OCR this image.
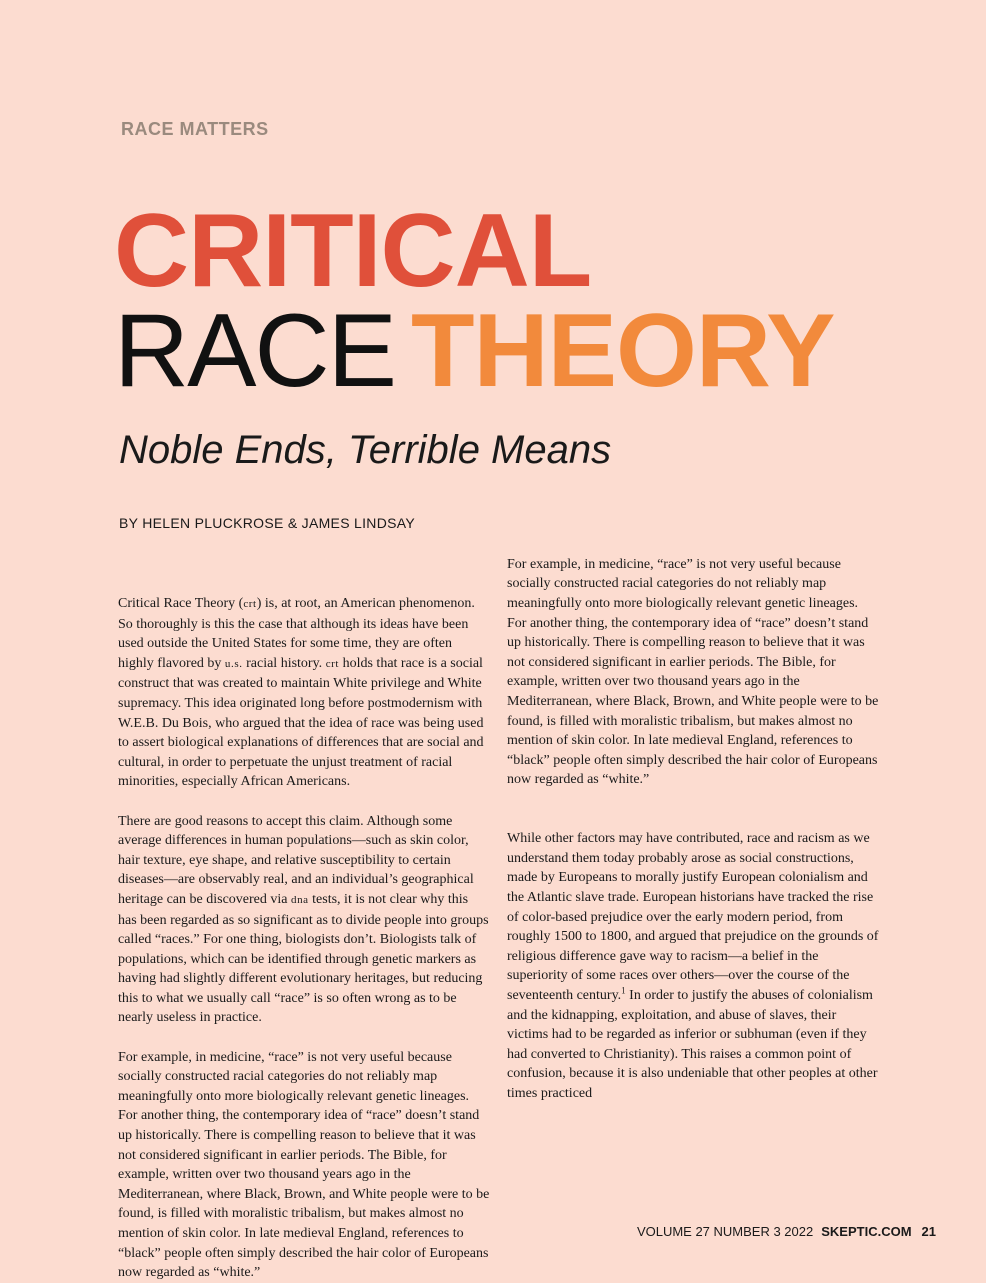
RACE MATTERS
CRITICAL
RACE THEORY
Noble Ends, Terrible Means
BY HELEN PLUCKROSE & JAMES LINDSAY

Critical Race Theory (crt) is, at root, an American phenomenon. So thoroughly is this the case that although its ideas have been used outside the United States for some time, they are often highly flavored by u.s. racial history. crt holds that race is a social construct that was created to maintain White privilege and White supremacy. This idea originated long before postmodernism with W.E.B. Du Bois, who argued that the idea of race was being used to assert biological explanations of differences that are social and cultural, in order to perpetuate the unjust treatment of racial minorities, especially African Americans.

There are good reasons to accept this claim. Although some average differences in human populations—such as skin color, hair texture, eye shape, and relative susceptibility to certain diseases—are observably real, and an individual’s geographical heritage can be discovered via dna tests, it is not clear why this has been regarded as so significant as to divide people into groups called “races.” For one thing, biologists don’t. Biologists talk of populations, which can be identified through genetic markers as having had slightly different evolutionary heritages, but reducing this to what we usually call “race” is so often wrong as to be nearly useless in practice.

For example, in medicine, “race” is not very useful because socially constructed racial categories do not reliably map meaningfully onto more biologically relevant genetic lineages. For another thing, the contemporary idea of “race” doesn’t stand up historically. There is compelling reason to believe that it was not considered significant in earlier periods. The Bible, for example, written over two thousand years ago in the Mediterranean, where Black, Brown, and White people were to be found, is filled with moralistic tribalism, but makes almost no mention of skin color. In late medieval England, references to “black” people often simply described the hair color of Europeans now regarded as “white.”

For example, in medicine, “race” is not very useful because socially constructed racial categories do not reliably map meaningfully onto more biologically relevant genetic lineages. For another thing, the contemporary idea of “race” doesn’t stand up historically. There is compelling reason to believe that it was not considered significant in earlier periods. The Bible, for example, written over two thousand years ago in the Mediterranean, where Black, Brown, and White people were to be found, is filled with moralistic tribalism, but makes almost no mention of skin color. In late medieval England, references to “black” people often simply described the hair color of Europeans now regarded as “white.”

While other factors may have contributed, race and racism as we understand them today probably arose as social constructions, made by Europeans to morally justify European colonialism and the Atlantic slave trade. European historians have tracked the rise of color-based prejudice over the early modern period, from roughly 1500 to 1800, and argued that prejudice on the grounds of religious difference gave way to racism—a belief in the superiority of some races over others—over the course of the seventeenth century.$^1$ In order to justify the abuses of colonialism and the kidnapping, exploitation, and abuse of slaves, their victims had to be regarded as inferior or subhuman (even if they had converted to Christianity). This raises a common point of confusion, because it is also undeniable that other peoples at other times practiced

VOLUME 27 NUMBER 3 2022 SKEPTIC.COM 21
